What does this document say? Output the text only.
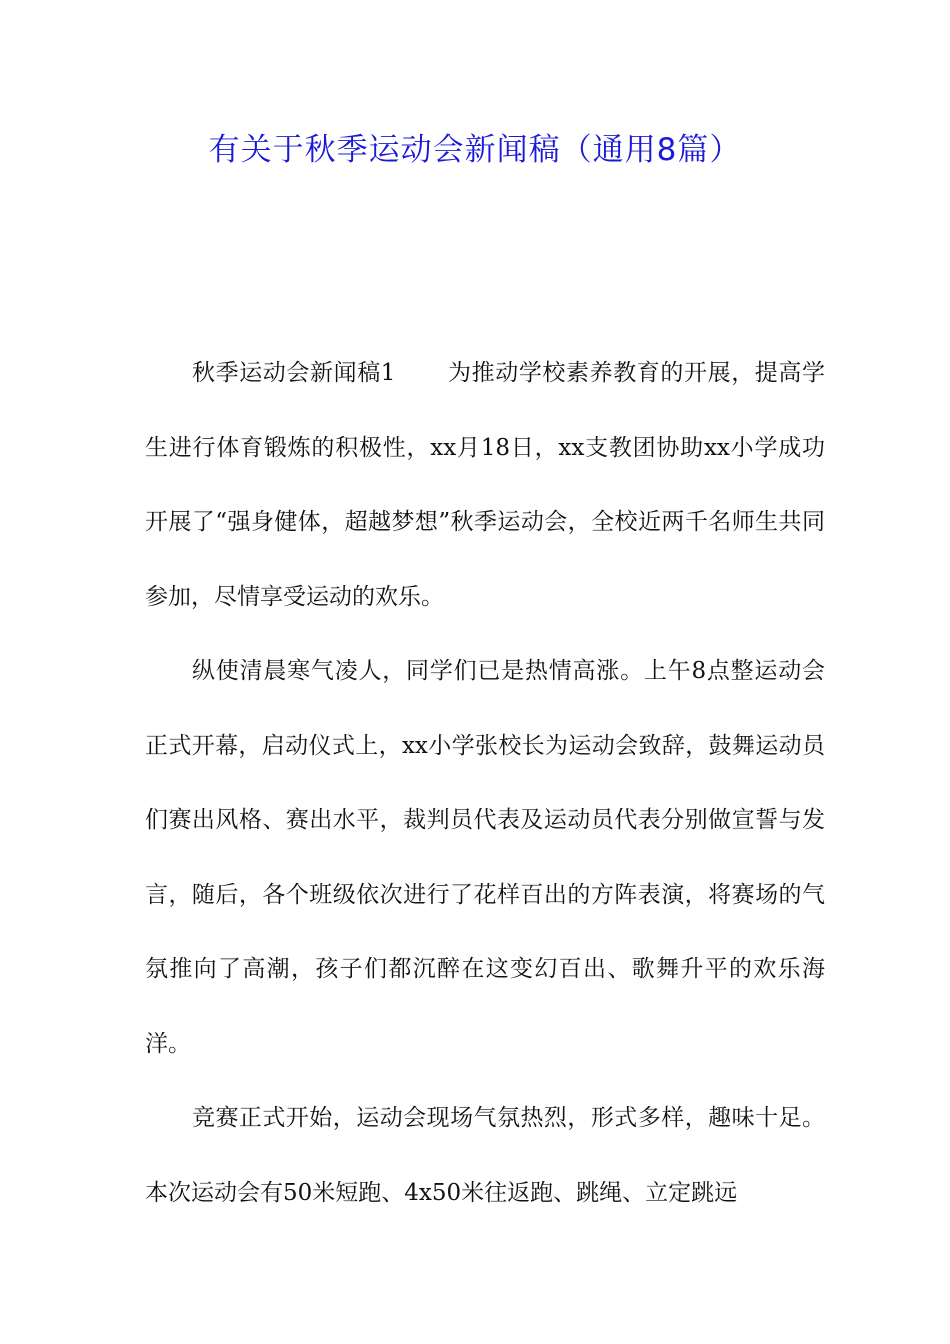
有关于秋季运动会新闻稿（通用8篇）

秋季运动会新闻稿1 为推动学校素养教育的开展，提高学生进行体育锻炼的积极性，xx月18日，xx支教团协助xx小学成功开展了“强身健体，超越梦想”秋季运动会，全校近两千名师生共同参加，尽情享受运动的欢乐。

纵使清晨寒气凌人，同学们已是热情高涨。上午8点整运动会正式开幕，启动仪式上，xx小学张校长为运动会致辞，鼓舞运动员们赛出风格、赛出水平，裁判员代表及运动员代表分别做宣誓与发言，随后，各个班级依次进行了花样百出的方阵表演，将赛场的气氛推向了高潮，孩子们都沉醉在这变幻百出、歌舞升平的欢乐海洋。

竞赛正式开始，运动会现场气氛热烈，形式多样，趣味十足。本次运动会有50米短跑、4x50米往返跑、跳绳、立定跳远
